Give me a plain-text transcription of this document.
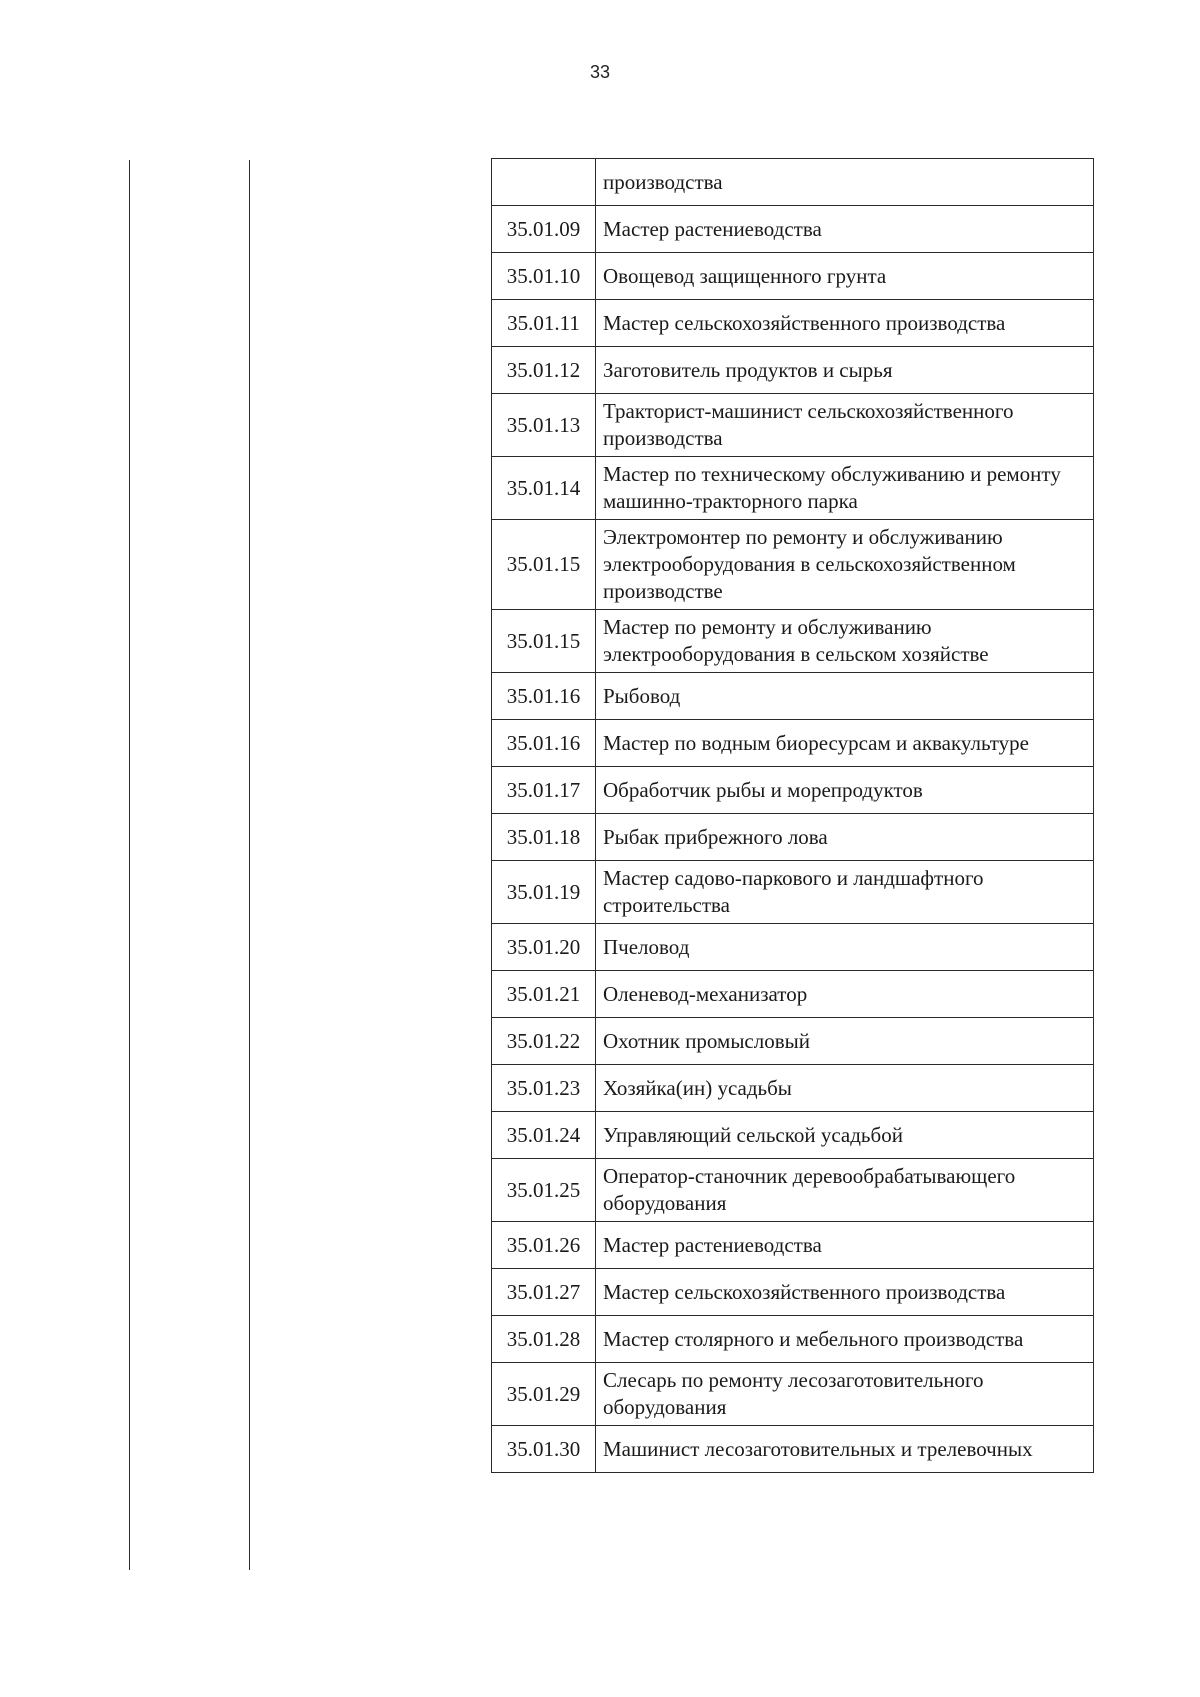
33
	производства
35.01.09	Мастер растениеводства
35.01.10	Овощевод защищенного грунта
35.01.11	Мастер сельскохозяйственного производства
35.01.12	Заготовитель продуктов и сырья
35.01.13	Тракторист-машинист сельскохозяйственного производства
35.01.14	Мастер по техническому обслуживанию и ремонту машинно-тракторного парка
35.01.15	Электромонтер по ремонту и обслуживанию электрооборудования в сельскохозяйственном производстве
35.01.15	Мастер по ремонту и обслуживанию электрооборудования в сельском хозяйстве
35.01.16	Рыбовод
35.01.16	Мастер по водным биоресурсам и аквакультуре
35.01.17	Обработчик рыбы и морепродуктов
35.01.18	Рыбак прибрежного лова
35.01.19	Мастер садово-паркового и ландшафтного строительства
35.01.20	Пчеловод
35.01.21	Оленевод-механизатор
35.01.22	Охотник промысловый
35.01.23	Хозяйка(ин) усадьбы
35.01.24	Управляющий сельской усадьбой
35.01.25	Оператор-станочник деревообрабатывающего оборудования
35.01.26	Мастер растениеводства
35.01.27	Мастер сельскохозяйственного производства
35.01.28	Мастер столярного и мебельного производства
35.01.29	Слесарь по ремонту лесозаготовительного оборудования
35.01.30	Машинист лесозаготовительных и трелевочных
